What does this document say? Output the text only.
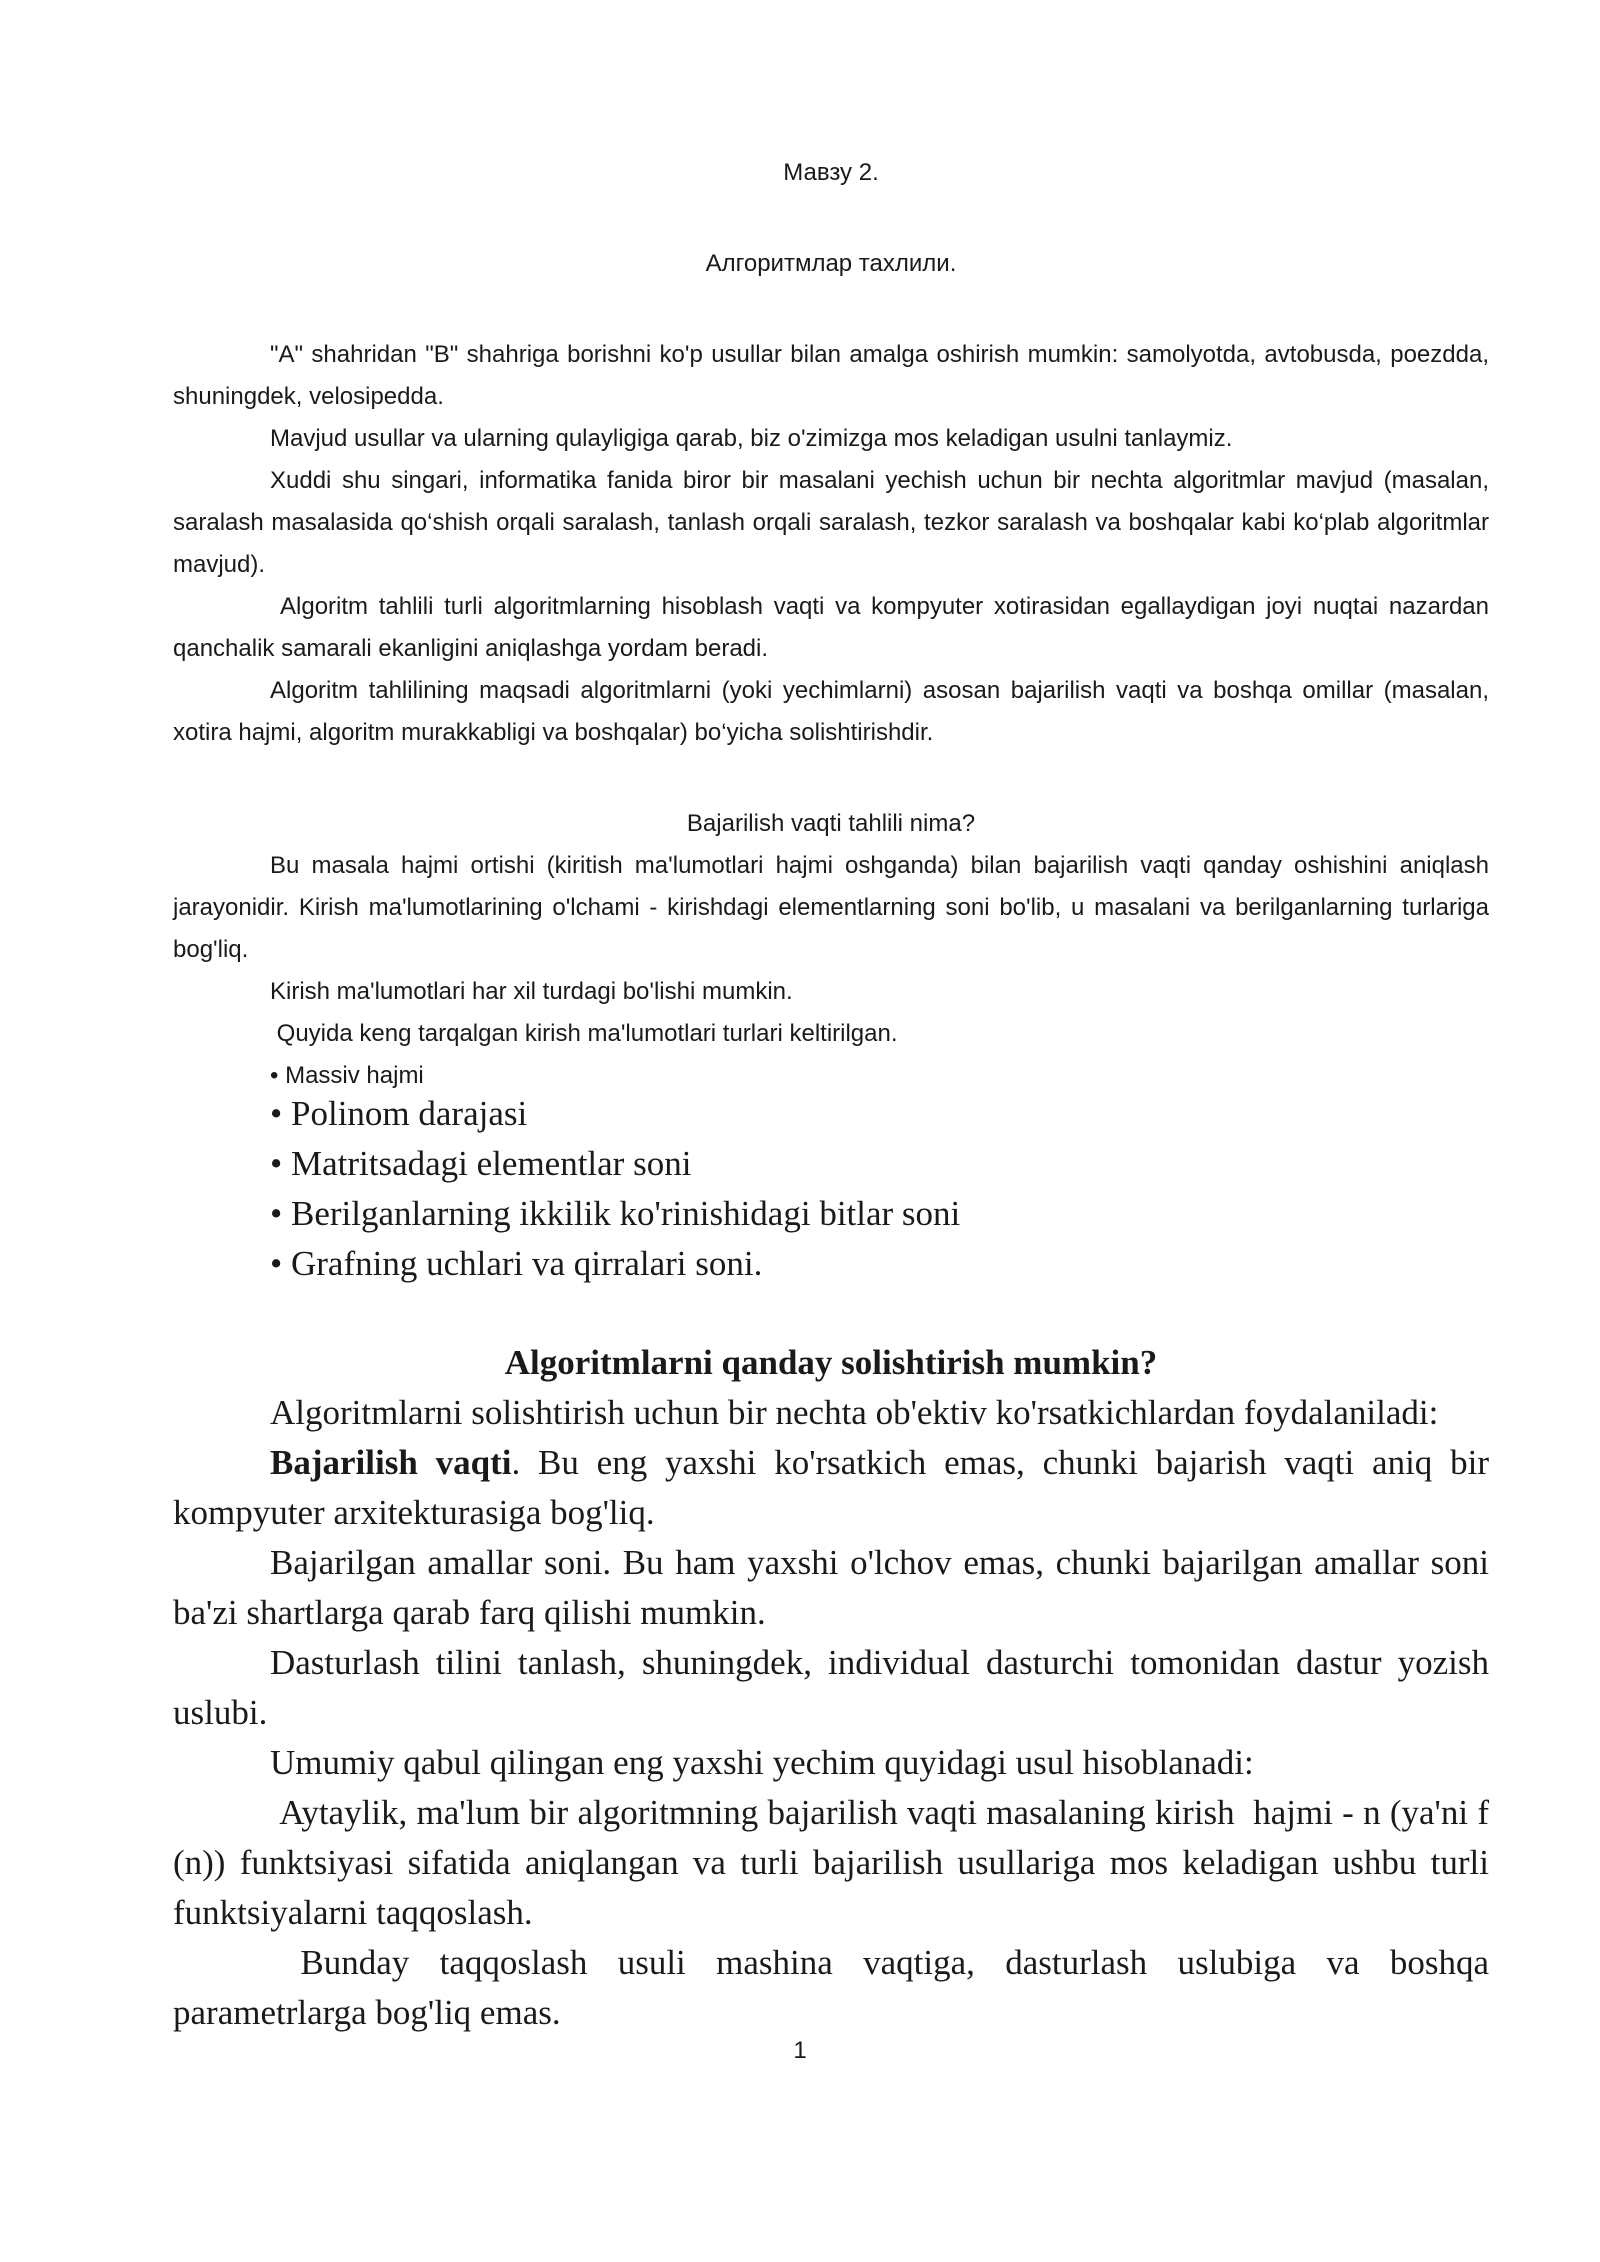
Мавзу 2.
Алгоритмлар тахлили.

"A" shahridan "B" shahriga borishni ko'p usullar bilan amalga oshirish mumkin: samolyotda, avtobusda, poezdda, shuningdek, velosipedda.

Mavjud usullar va ularning qulayligiga qarab, biz o'zimizga mos keladigan usulni tanlaymiz.

Xuddi shu singari, informatika fanida biror bir masalani yechish uchun bir nechta algoritmlar mavjud (masalan, saralash masalasida qo‘shish orqali saralash, tanlash orqali saralash, tezkor saralash va boshqalar kabi ko‘plab algoritmlar mavjud).

Algoritm tahlili turli algoritmlarning hisoblash vaqti va kompyuter xotirasidan egallaydigan joyi nuqtai nazardan qanchalik samarali ekanligini aniqlashga yordam beradi.

Algoritm tahlilining maqsadi algoritmlarni (yoki yechimlarni) asosan bajarilish vaqti va boshqa omillar (masalan, xotira hajmi, algoritm murakkabligi va boshqalar) bo‘yicha solishtirishdir.

Bajarilish vaqti tahlili nima?

Bu masala hajmi ortishi (kiritish ma'lumotlari hajmi oshganda) bilan bajarilish vaqti qanday oshishini aniqlash jarayonidir. Kirish ma'lumotlarining o'lchami - kirishdagi elementlarning soni bo'lib, u masalani va berilganlarning turlariga bog'liq.

Kirish ma'lumotlari har xil turdagi bo'lishi mumkin.

Quyida keng tarqalgan kirish ma'lumotlari turlari keltirilgan.

• Massiv hajmi

• Polinom darajasi

• Matritsadagi elementlar soni

• Berilganlarning ikkilik ko'rinishidagi bitlar soni

• Grafning uchlari va qirralari soni.

Algoritmlarni qanday solishtirish mumkin?

Algoritmlarni solishtirish uchun bir nechta ob'ektiv ko'rsatkichlardan foydalaniladi:

Bajarilish vaqti. Bu eng yaxshi ko'rsatkich emas, chunki bajarish vaqti aniq bir kompyuter arxitekturasiga bog'liq.

Bajarilgan amallar soni. Bu ham yaxshi o'lchov emas, chunki bajarilgan amallar soni ba'zi shartlarga qarab farq qilishi mumkin.

Dasturlash tilini tanlash, shuningdek, individual dasturchi tomonidan dastur yozish uslubi.

Umumiy qabul qilingan eng yaxshi yechim quyidagi usul hisoblanadi:

Aytaylik, ma'lum bir algoritmning bajarilish vaqti masalaning kirish  hajmi - n (ya'ni f (n)) funktsiyasi sifatida aniqlangan va turli bajarilish usullariga mos keladigan ushbu turli funktsiyalarni taqqoslash.

Bunday taqqoslash usuli mashina vaqtiga, dasturlash uslubiga va boshqa parametrlarga bog'liq emas.

1
